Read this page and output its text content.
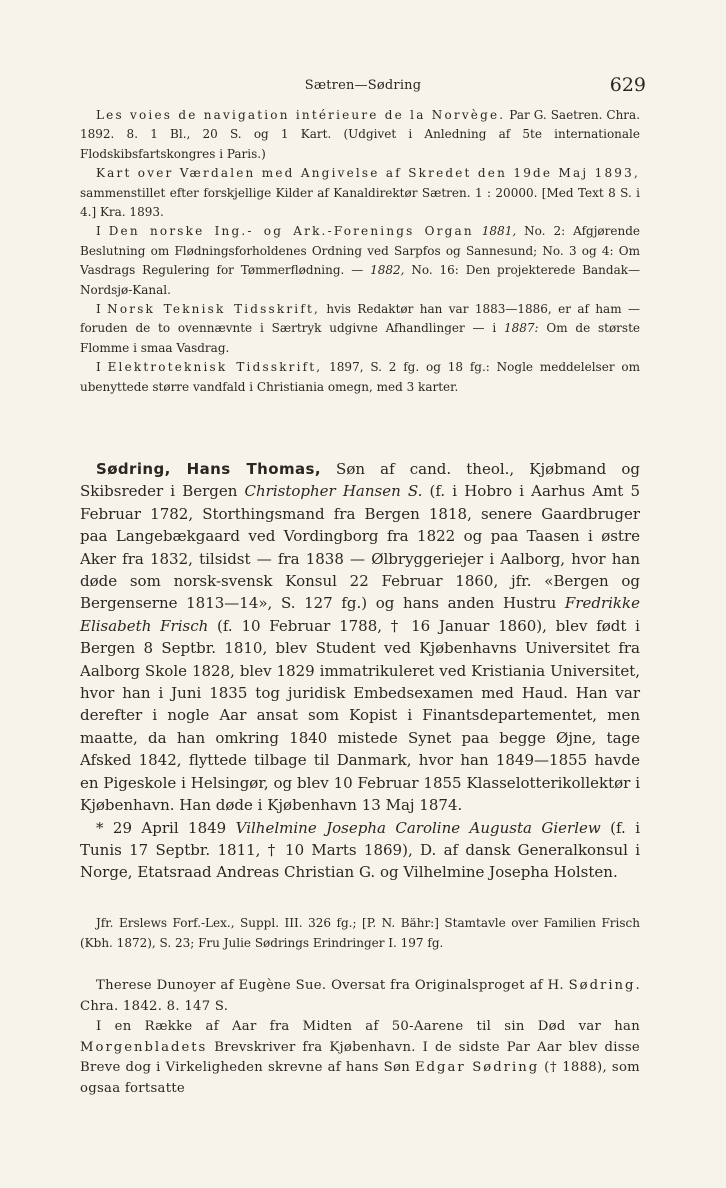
Sætren—Sødring	629

Les voies de navigation intérieure de la Norvège. Par G. Saetren. Chra. 1892. 8. 1 Bl., 20 S. og 1 Kart. (Udgivet i Anledning af 5te internationale Flodskibsfartskongres i Paris.)

Kart over Værdalen med Angivelse af Skredet den 19de Maj 1893, sammenstillet efter forskjellige Kilder af Kanaldirektør Sætren. 1 : 20000. [Med Text 8 S. i 4.] Kra. 1893.

I Den norske Ing.- og Ark.-Forenings Organ 1881, No. 2: Afgjørende Beslutning om Flødningsforholdenes Ordning ved Sarpfos og Sannesund; No. 3 og 4: Om Vasdrags Regulering for Tømmerflødning. — 1882, No. 16: Den projekterede Bandak—Nordsjø-Kanal.

I Norsk Teknisk Tidsskrift, hvis Redaktør han var 1883—1886, er af ham — foruden de to ovennævnte i Særtryk udgivne Afhandlinger — i 1887: Om de største Flomme i smaa Vasdrag.

I Elektroteknisk Tidsskrift, 1897, S. 2 fg. og 18 fg.: Nogle meddelelser om ubenyttede større vandfald i Christiania omegn, med 3 karter.

Sødring, Hans Thomas, Søn af cand. theol., Kjøbmand og Skibsreder i Bergen Christopher Hansen S. (f. i Hobro i Aarhus Amt 5 Februar 1782, Storthingsmand fra Bergen 1818, senere Gaardbruger paa Langebækgaard ved Vordingborg fra 1822 og paa Taasen i østre Aker fra 1832, tilsidst — fra 1838 — Ølbryggeriejer i Aalborg, hvor han døde som norsk-svensk Konsul 22 Februar 1860, jfr. «Bergen og Bergenserne 1813—14», S. 127 fg.) og hans anden Hustru Fredrikke Elisabeth Frisch (f. 10 Februar 1788, † 16 Januar 1860), blev født i Bergen 8 Septbr. 1810, blev Student ved Kjøbenhavns Universitet fra Aalborg Skole 1828, blev 1829 immatrikuleret ved Kristiania Universitet, hvor han i Juni 1835 tog juridisk Embedsexamen med Haud. Han var derefter i nogle Aar ansat som Kopist i Finantsdepartementet, men maatte, da han omkring 1840 mistede Synet paa begge Øjne, tage Afsked 1842, flyttede tilbage til Danmark, hvor han 1849—1855 havde en Pigeskole i Helsingør, og blev 10 Februar 1855 Klasselotterikollektør i Kjøbenhavn. Han døde i Kjøbenhavn 13 Maj 1874.

* 29 April 1849 Vilhelmine Josepha Caroline Augusta Gierlew (f. i Tunis 17 Septbr. 1811, † 10 Marts 1869), D. af dansk Generalkonsul i Norge, Etatsraad Andreas Christian G. og Vilhelmine Josepha Holsten.

Jfr. Erslews Forf.-Lex., Suppl. III. 326 fg.; [P. N. Bähr:] Stamtavle over Familien Frisch (Kbh. 1872), S. 23; Fru Julie Sødrings Erindringer I. 197 fg.

Therese Dunoyer af Eugène Sue. Oversat fra Originalsproget af H. Sødring. Chra. 1842. 8. 147 S.

I en Række af Aar fra Midten af 50-Aarene til sin Død var han Morgenbladets Brevskriver fra Kjøbenhavn. I de sidste Par Aar blev disse Breve dog i Virkeligheden skrevne af hans Søn Edgar Sødring († 1888), som ogsaa fortsatte
